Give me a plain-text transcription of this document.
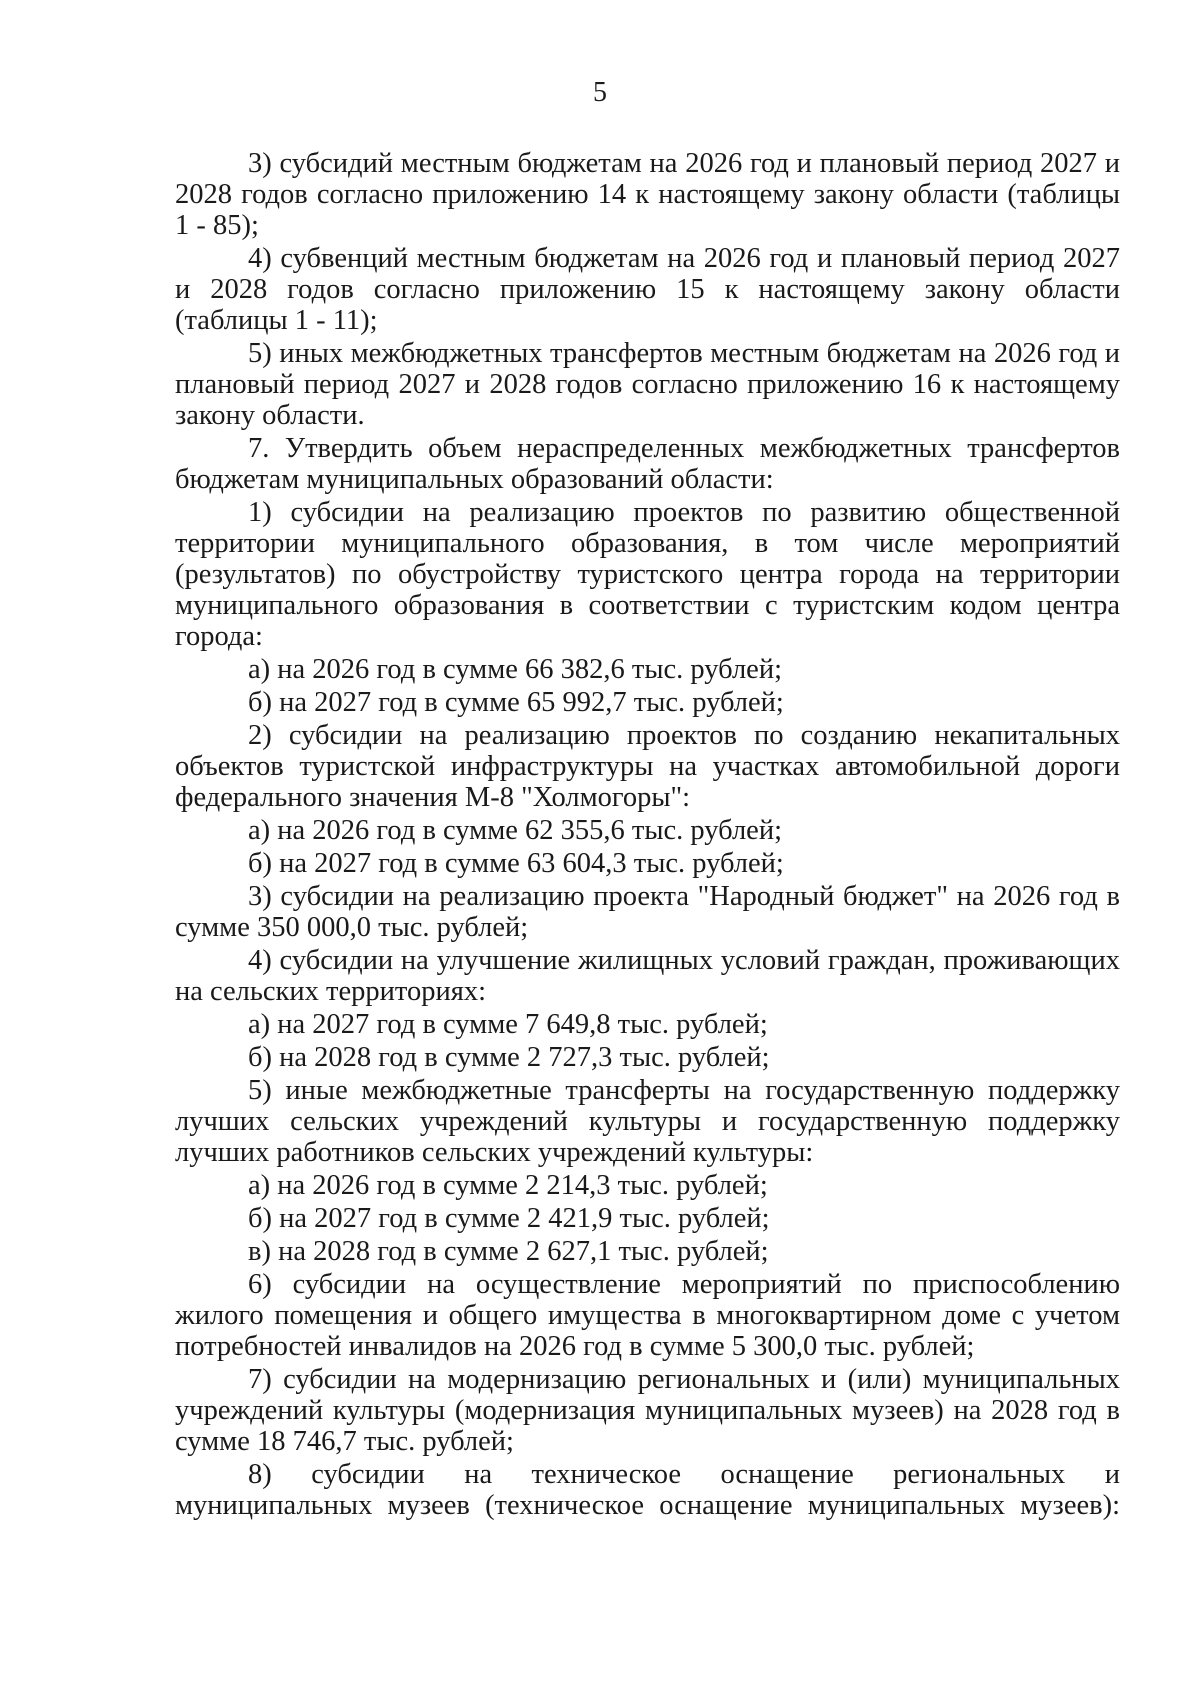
5

3) субсидий местным бюджетам на 2026 год и плановый период 2027 и 2028 годов согласно приложению 14 к настоящему закону области (таблицы 1 - 85);

4) субвенций местным бюджетам на 2026 год и плановый период 2027 и 2028 годов согласно приложению 15 к настоящему закону области (таблицы 1 - 11);

5) иных межбюджетных трансфертов местным бюджетам на 2026 год и плановый период 2027 и 2028 годов согласно приложению 16 к настоящему закону области.

7. Утвердить объем нераспределенных межбюджетных трансфертов бюджетам муниципальных образований области:

1) субсидии на реализацию проектов по развитию общественной территории муниципального образования, в том числе мероприятий (результатов) по обустройству туристского центра города на территории муниципального образования в соответствии с туристским кодом центра города:

а) на 2026 год в сумме 66 382,6 тыс. рублей;

б) на 2027 год в сумме 65 992,7 тыс. рублей;

2) субсидии на реализацию проектов по созданию некапитальных объектов туристской инфраструктуры на участках автомобильной дороги федерального значения М-8 "Холмогоры":

а) на 2026 год в сумме 62 355,6 тыс. рублей;

б) на 2027 год в сумме 63 604,3 тыс. рублей;

3) субсидии на реализацию проекта "Народный бюджет" на 2026 год в сумме 350 000,0 тыс. рублей;

4) субсидии на улучшение жилищных условий граждан, проживающих на сельских территориях:

а) на 2027 год в сумме 7 649,8 тыс. рублей;

б) на 2028 год в сумме 2 727,3 тыс. рублей;

5) иные межбюджетные трансферты на государственную поддержку лучших сельских учреждений культуры и государственную поддержку лучших работников сельских учреждений культуры:

а) на 2026 год в сумме 2 214,3 тыс. рублей;

б) на 2027 год в сумме 2 421,9 тыс. рублей;

в) на 2028 год в сумме 2 627,1 тыс. рублей;

6) субсидии на осуществление мероприятий по приспособлению жилого помещения и общего имущества в многоквартирном доме с учетом потребностей инвалидов на 2026 год в сумме 5 300,0 тыс. рублей;

7) субсидии на модернизацию региональных и (или) муниципальных учреждений культуры (модернизация муниципальных музеев) на 2028 год в сумме 18 746,7 тыс. рублей;

8) субсидии на техническое оснащение региональных и муниципальных музеев (техническое оснащение муниципальных музеев):
